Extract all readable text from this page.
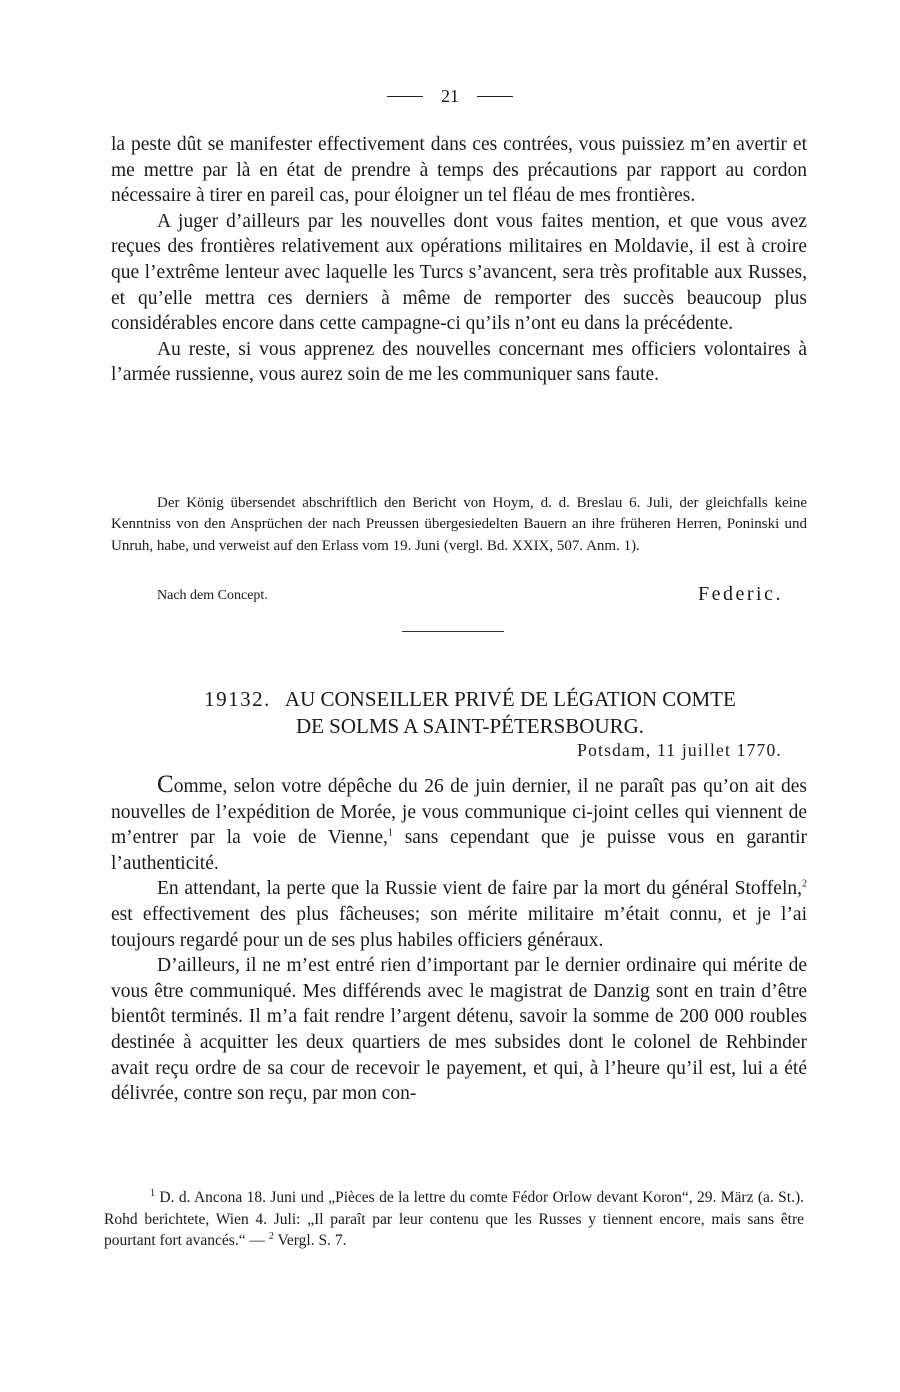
21

la peste dût se manifester effectivement dans ces contrées, vous puissiez m’en avertir et me mettre par là en état de prendre à temps des précautions par rapport au cordon nécessaire à tirer en pareil cas, pour éloigner un tel fléau de mes frontières.

A juger d’ailleurs par les nouvelles dont vous faites mention, et que vous avez reçues des frontières relativement aux opérations militaires en Moldavie, il est à croire que l’extrême lenteur avec laquelle les Turcs s’avancent, sera très profitable aux Russes, et qu’elle mettra ces derniers à même de remporter des succès beaucoup plus considérables encore dans cette campagne-ci qu’ils n’ont eu dans la précédente.

Au reste, si vous apprenez des nouvelles concernant mes officiers volontaires à l’armée russienne, vous aurez soin de me les communiquer sans faute.

Der König übersendet abschriftlich den Bericht von Hoym, d. d. Breslau 6. Juli, der gleichfalls keine Kenntniss von den Ansprüchen der nach Preussen übergesiedelten Bauern an ihre früheren Herren, Poninski und Unruh, habe, und verweist auf den Erlass vom 19. Juni (vergl. Bd. XXIX, 507. Anm. 1).

Nach dem Concept.	Federic.
19132. AU CONSEILLER PRIVÉ DE LÉGATION COMTE
DE SOLMS A SAINT-PÉTERSBOURG.
Potsdam, 11 juillet 1770.

Comme, selon votre dépêche du 26 de juin dernier, il ne paraît pas qu’on ait des nouvelles de l’expédition de Morée, je vous communique ci-joint celles qui viennent de m’entrer par la voie de Vienne,$^1$ sans cependant que je puisse vous en garantir l’authenticité.

En attendant, la perte que la Russie vient de faire par la mort du général Stoffeln,$^2$ est effectivement des plus fâcheuses; son mérite militaire m’était connu, et je l’ai toujours regardé pour un de ses plus habiles officiers généraux.

D’ailleurs, il ne m’est entré rien d’important par le dernier ordinaire qui mérite de vous être communiqué. Mes différends avec le magistrat de Danzig sont en train d’être bientôt terminés. Il m’a fait rendre l’argent détenu, savoir la somme de 200 000 roubles destinée à acquitter les deux quartiers de mes subsides dont le colonel de Rehbinder avait reçu ordre de sa cour de recevoir le payement, et qui, à l’heure qu’il est, lui a été délivrée, contre son reçu, par mon con-

$^1$ D. d. Ancona 18. Juni und „Pièces de la lettre du comte Fédor Orlow devant Koron“, 29. März (a. St.). Rohd berichtete, Wien 4. Juli: „Il paraît par leur contenu que les Russes y tiennent encore, mais sans être pourtant fort avancés.“ — $^2$ Vergl. S. 7.
